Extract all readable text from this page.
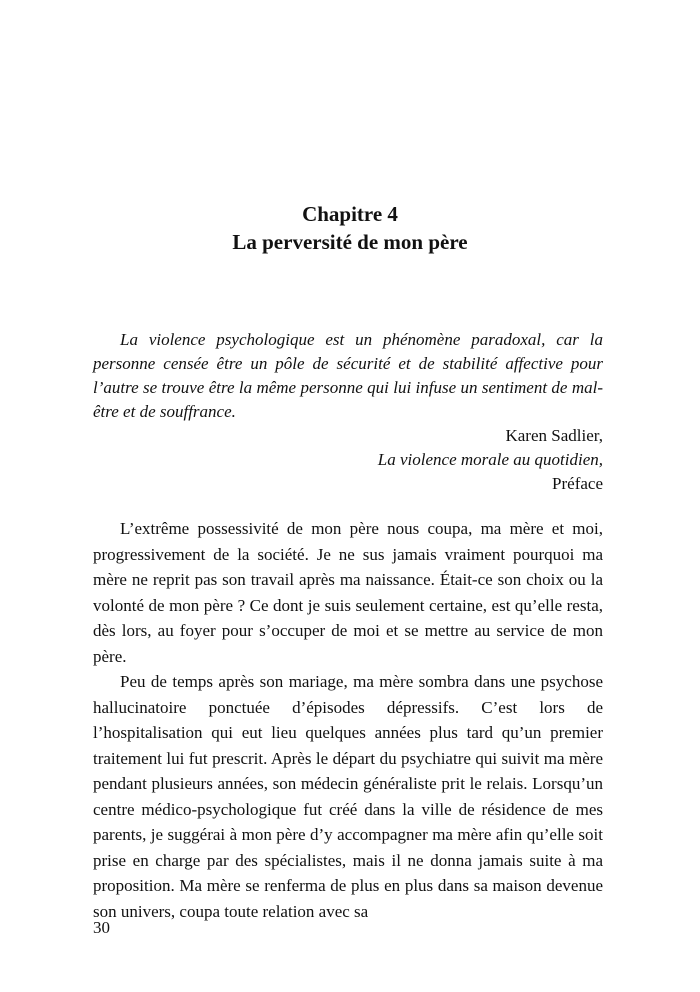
Chapitre 4
La perversité de mon père

La violence psychologique est un phénomène paradoxal, car la personne censée être un pôle de sécurité et de stabilité affective pour l’autre se trouve être la même personne qui lui infuse un sentiment de mal-être et de souffrance.

Karen Sadlier,

La violence morale au quotidien,

Préface

L’extrême possessivité de mon père nous coupa, ma mère et moi, progressivement de la société. Je ne sus jamais vraiment pourquoi ma mère ne reprit pas son travail après ma naissance. Était-ce son choix ou la volonté de mon père ? Ce dont je suis seulement certaine, est qu’elle resta, dès lors, au foyer pour s’occuper de moi et se mettre au service de mon père.

Peu de temps après son mariage, ma mère sombra dans une psychose hallucinatoire ponctuée d’épisodes dépressifs. C’est lors de l’hospitalisation qui eut lieu quelques années plus tard qu’un premier traitement lui fut prescrit. Après le départ du psychiatre qui suivit ma mère pendant plusieurs années, son médecin généraliste prit le relais. Lorsqu’un centre médico-psychologique fut créé dans la ville de résidence de mes parents, je suggérai à mon père d’y accompagner ma mère afin qu’elle soit prise en charge par des spécialistes, mais il ne donna jamais suite à ma proposition. Ma mère se renferma de plus en plus dans sa maison devenue son univers, coupa toute relation avec sa

30
